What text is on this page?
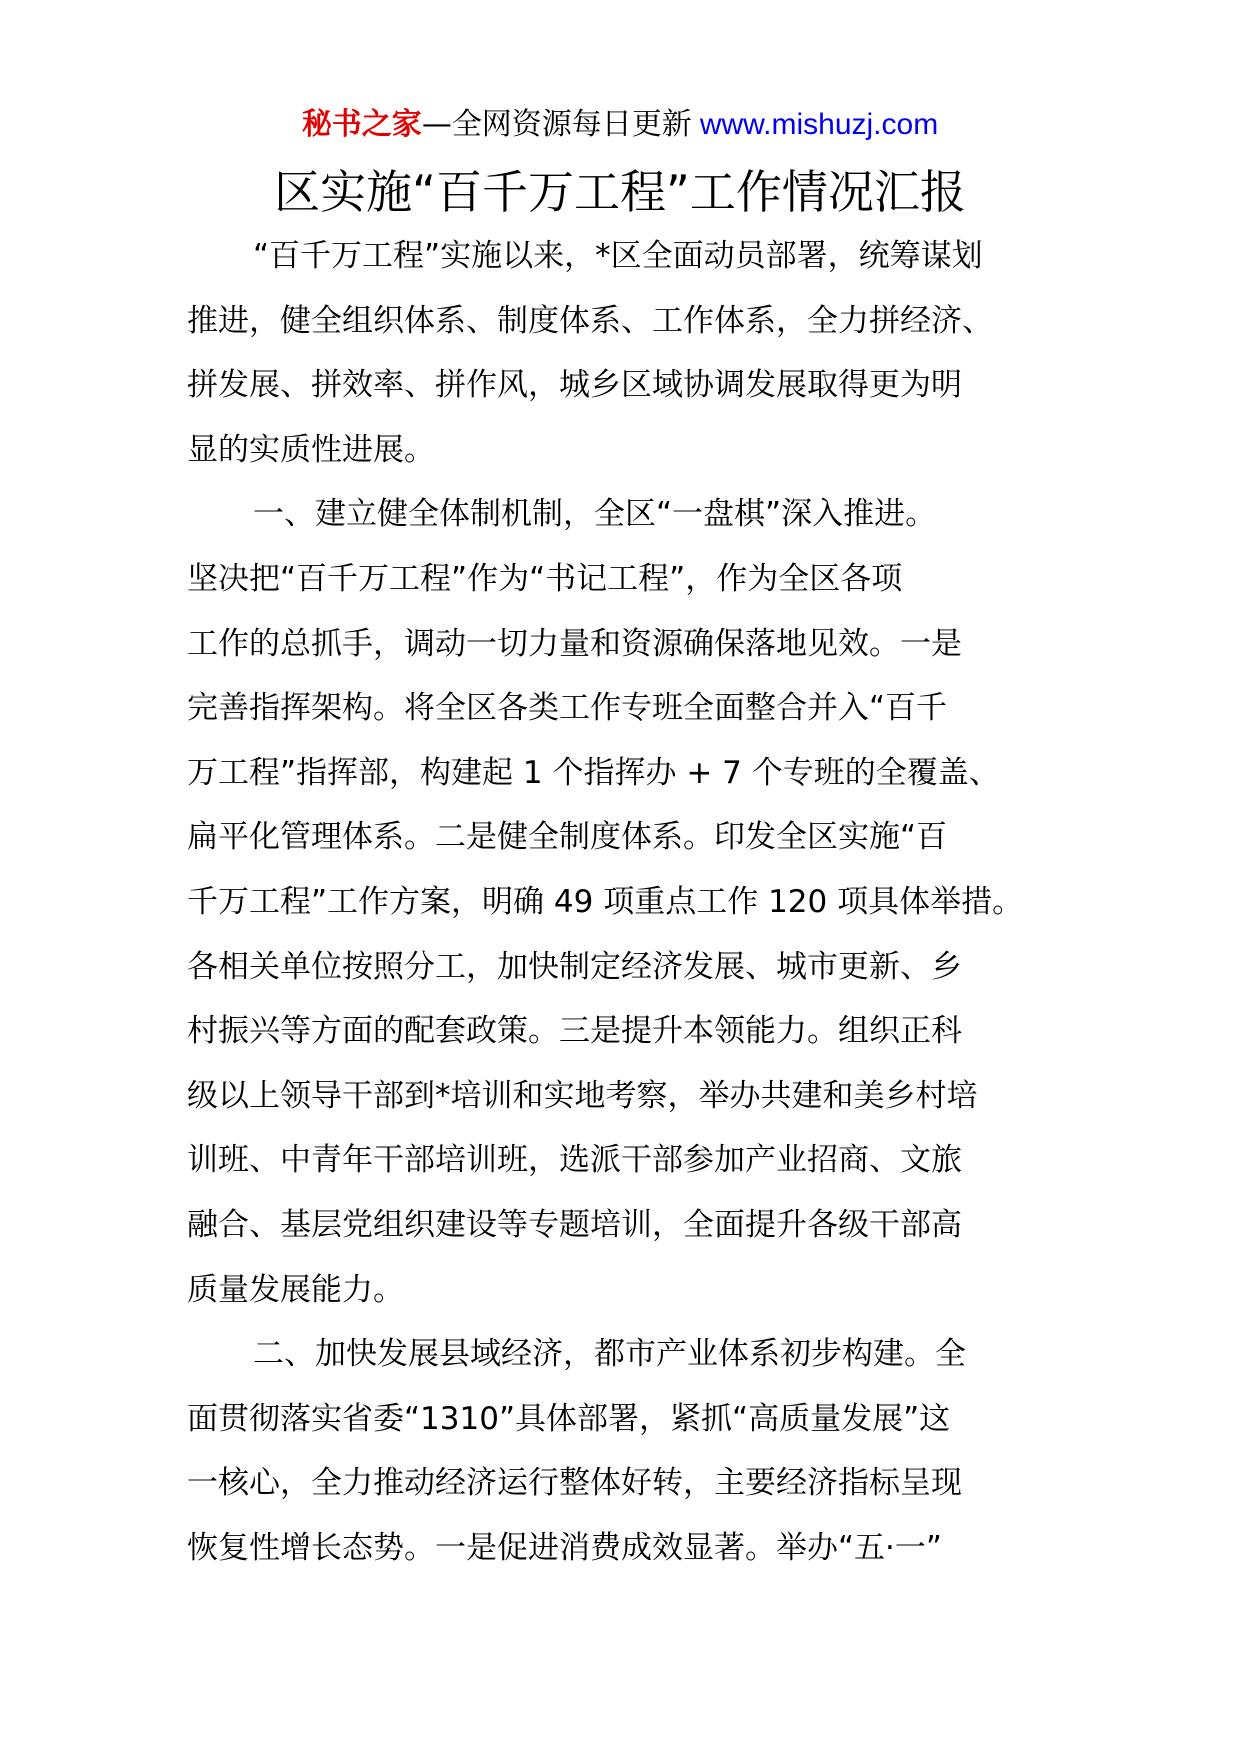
秘书之家—全网资源每日更新 www.mishuzj.com
区实施“百千万工程”工作情况汇报
“百千万工程”实施以来，*区全面动员部署，统筹谋划
推进，健全组织体系、制度体系、工作体系，全力拼经济、
拼发展、拼效率、拼作风，城乡区域协调发展取得更为明
显的实质性进展。
一、建立健全体制机制，全区“一盘棋”深入推进。
坚决把“百千万工程”作为“书记工程”，作为全区各项
工作的总抓手，调动一切力量和资源确保落地见效。一是
完善指挥架构。将全区各类工作专班全面整合并入“百千
万工程”指挥部，构建起 1 个指挥办 + 7 个专班的全覆盖、
扁平化管理体系。二是健全制度体系。印发全区实施“百
千万工程”工作方案，明确 49 项重点工作 120 项具体举措。
各相关单位按照分工，加快制定经济发展、城市更新、乡
村振兴等方面的配套政策。三是提升本领能力。组织正科
级以上领导干部到*培训和实地考察，举办共建和美乡村培
训班、中青年干部培训班，选派干部参加产业招商、文旅
融合、基层党组织建设等专题培训，全面提升各级干部高
质量发展能力。
二、加快发展县域经济，都市产业体系初步构建。全
面贯彻落实省委“1310”具体部署，紧抓“高质量发展”这
一核心，全力推动经济运行整体好转，主要经济指标呈现
恢复性增长态势。一是促进消费成效显著。举办“五·一”
